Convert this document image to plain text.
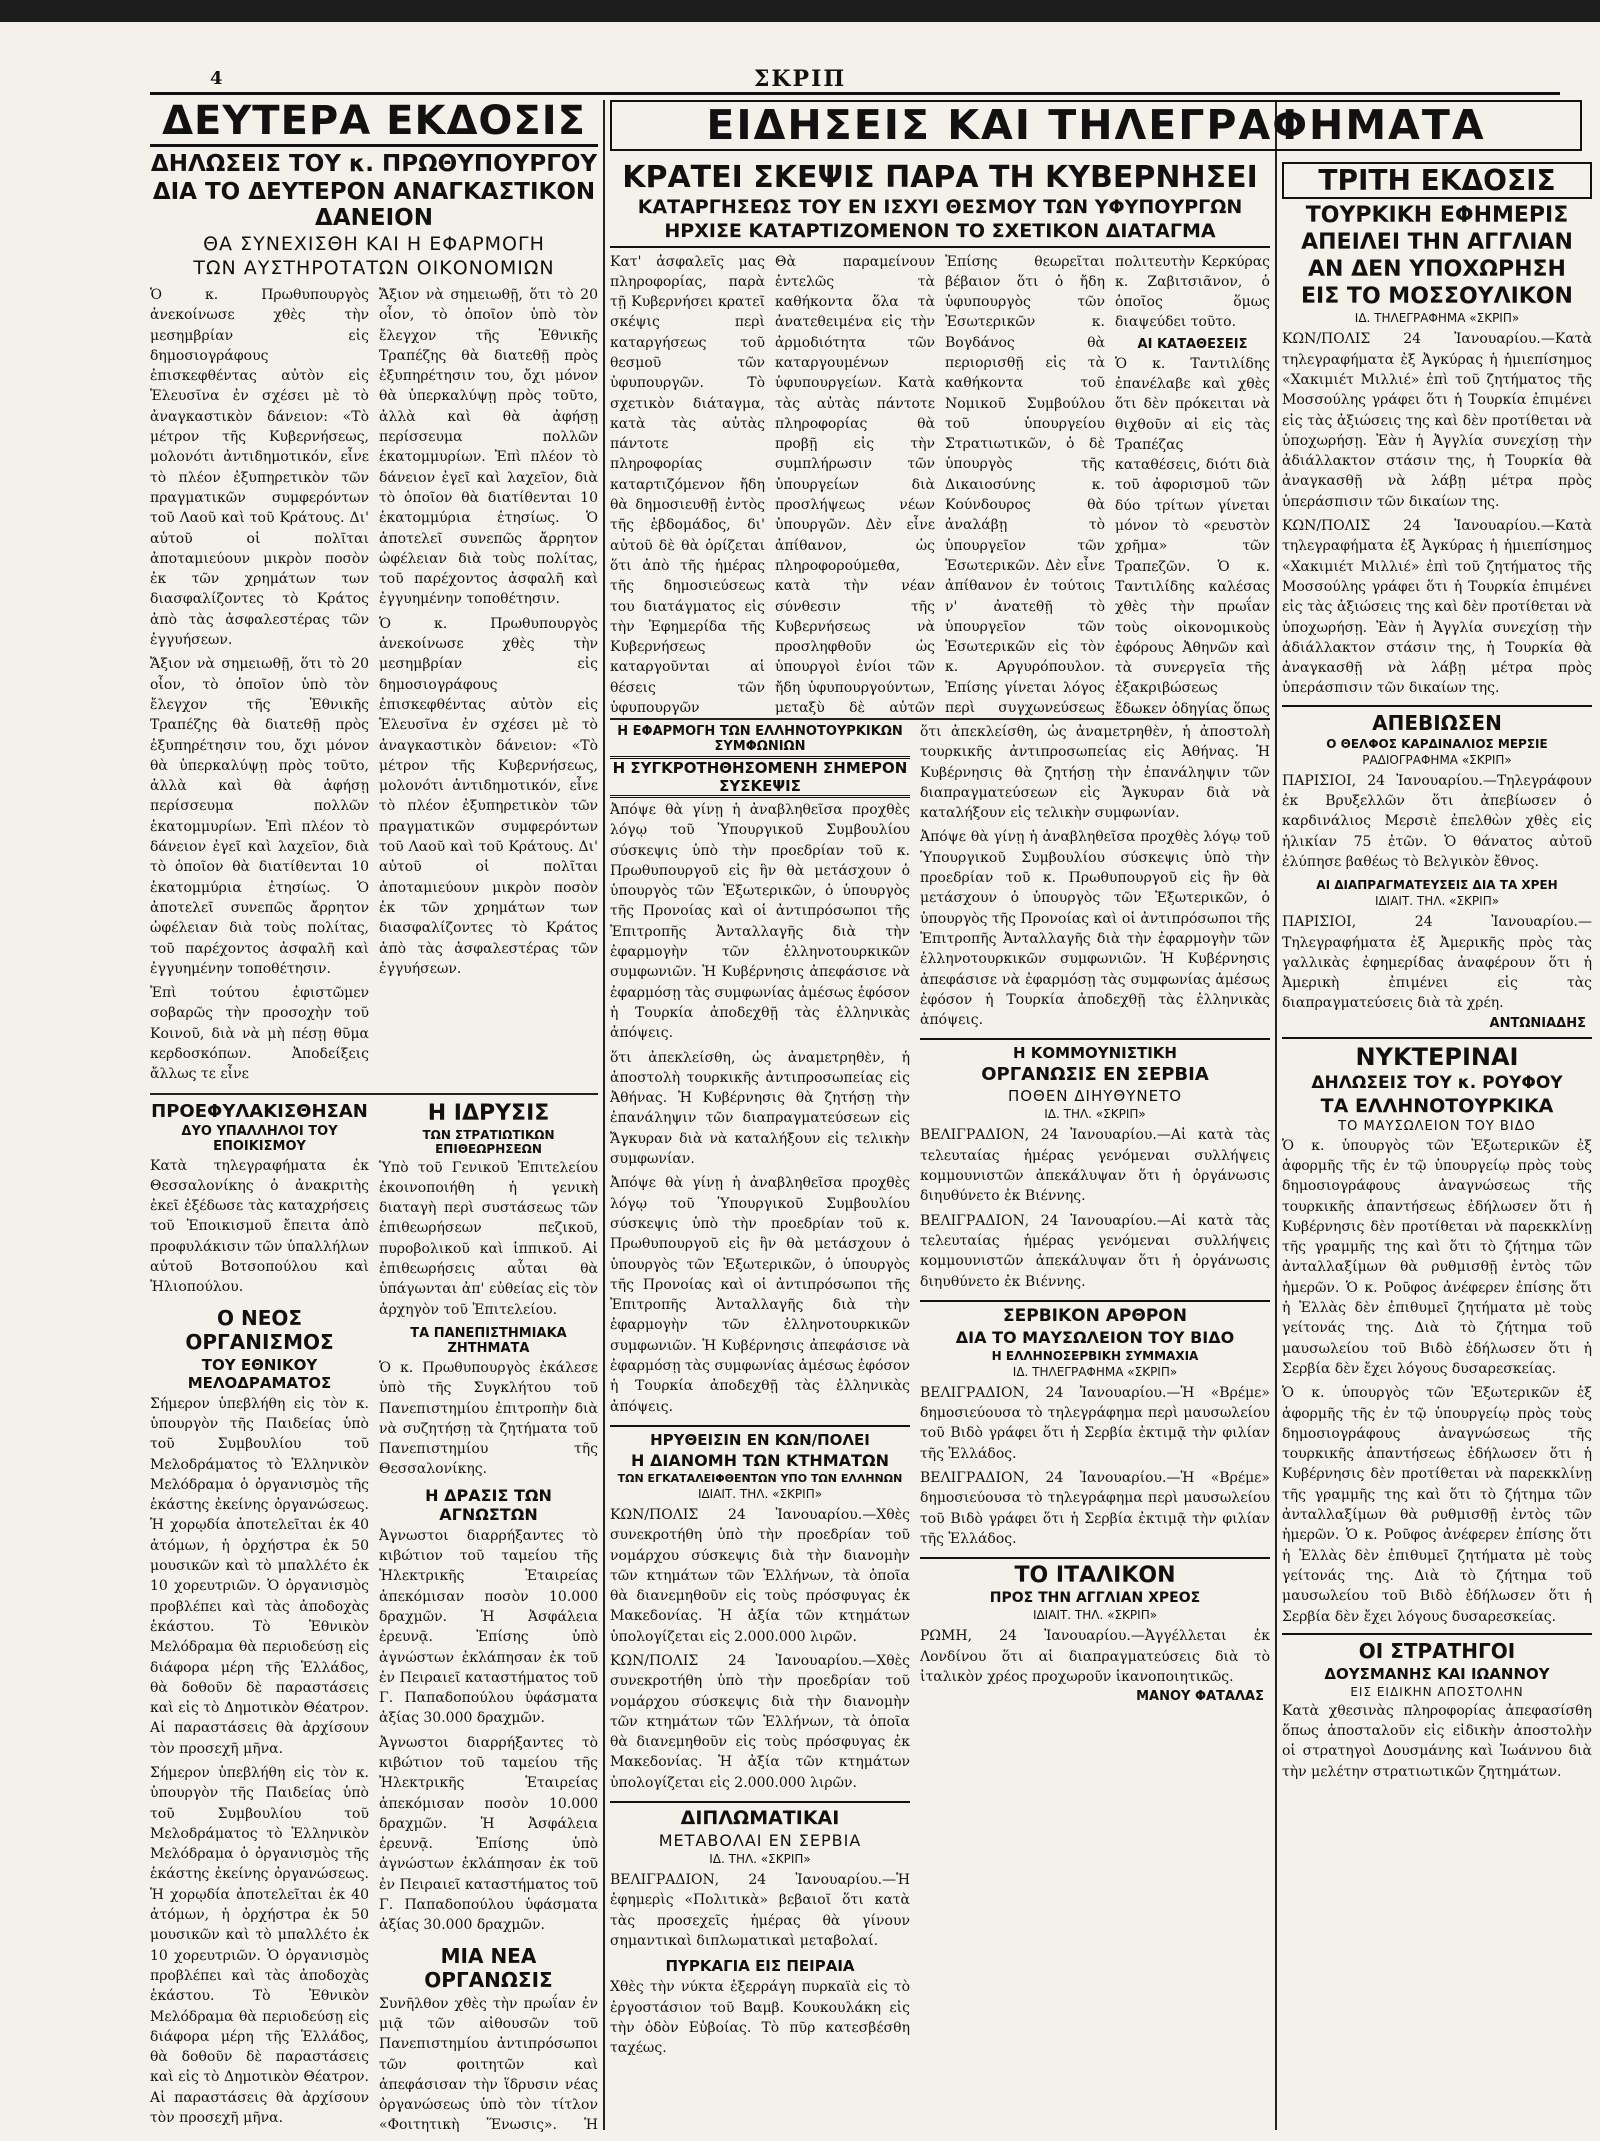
4	ΣΚΡΙΠ
ΔΕΥΤΕΡΑ ΕΚΔΟΣΙΣ

ΔΗΛΩΣΕΙΣ ΤΟΥ κ. ΠΡΩΘΥΠΟΥΡΓΟΥ

ΔΙΑ ΤΟ ΔΕΥΤΕΡΟΝ ΑΝΑΓΚΑΣΤΙΚΟΝ ΔΑΝΕΙΟΝ

ΘΑ ΣΥΝΕΧΙΣΘΗ ΚΑΙ Η ΕΦΑΡΜΟΓΗ

ΤΩΝ ΑΥΣΤΗΡΟΤΑΤΩΝ ΟΙΚΟΝΟΜΙΩΝ

Ὁ κ. Πρωθυπουργὸς ἀνεκοίνωσε χθὲς τὴν μεσημβρίαν εἰς δημοσιογράφους ἐπισκεφθέντας αὐτὸν εἰς Ἑλευσῖνα ἐν σχέσει μὲ τὸ ἀναγκαστικὸν δάνειον: «Τὸ μέτρον τῆς Κυβερνήσεως, μολονότι ἀντιδημοτικόν, εἶνε τὸ πλέον ἐξυπηρετικὸν τῶν πραγματικῶν συμφερόντων τοῦ Λαοῦ καὶ τοῦ Κράτους. Δι' αὐτοῦ οἱ πολῖται ἀποταμιεύουν μικρὸν ποσὸν ἐκ τῶν χρημάτων των διασφαλίζοντες τὸ Κράτος ἀπὸ τὰς ἀσφαλεστέρας τῶν ἐγγυήσεων.

Ἄξιον νὰ σημειωθῇ, ὅτι τὸ 20 οἶον, τὸ ὁποῖον ὑπὸ τὸν ἔλεγχον τῆς Ἐθνικῆς Τραπέζης θὰ διατεθῇ πρὸς ἐξυπηρέτησιν του, ὄχι μόνον θὰ ὑπερκαλύψῃ πρὸς τοῦτο, ἀλλὰ καὶ θὰ ἀφήσῃ περίσσευμα πολλῶν ἑκατομμυρίων. Ἐπὶ πλέον τὸ δάνειον ἐγεῖ καὶ λαχεῖον, διὰ τὸ ὁποῖον θὰ διατίθενται 10 ἑκατομμύρια ἐτησίως. Ὁ ἀποτελεῖ συνεπῶς ἄρρητον ὠφέλειαν διὰ τοὺς πολίτας, τοῦ παρέχοντος ἀσφαλῆ καὶ ἐγγυημένην τοποθέτησιν.

Ἐπὶ τούτου ἐφιστῶμεν σοβαρῶς τὴν προσοχὴν τοῦ Κοινοῦ, διὰ νὰ μὴ πέσῃ θῦμα κερδοσκόπων. Ἀποδείξεις ἄλλως τε εἶνε

Ἄξιον νὰ σημειωθῇ, ὅτι τὸ 20 οἶον, τὸ ὁποῖον ὑπὸ τὸν ἔλεγχον τῆς Ἐθνικῆς Τραπέζης θὰ διατεθῇ πρὸς ἐξυπηρέτησιν του, ὄχι μόνον θὰ ὑπερκαλύψῃ πρὸς τοῦτο, ἀλλὰ καὶ θὰ ἀφήσῃ περίσσευμα πολλῶν ἑκατομμυρίων. Ἐπὶ πλέον τὸ δάνειον ἐγεῖ καὶ λαχεῖον, διὰ τὸ ὁποῖον θὰ διατίθενται 10 ἑκατομμύρια ἐτησίως. Ὁ ἀποτελεῖ συνεπῶς ἄρρητον ὠφέλειαν διὰ τοὺς πολίτας, τοῦ παρέχοντος ἀσφαλῆ καὶ ἐγγυημένην τοποθέτησιν.

Ὁ κ. Πρωθυπουργὸς ἀνεκοίνωσε χθὲς τὴν μεσημβρίαν εἰς δημοσιογράφους ἐπισκεφθέντας αὐτὸν εἰς Ἑλευσῖνα ἐν σχέσει μὲ τὸ ἀναγκαστικὸν δάνειον: «Τὸ μέτρον τῆς Κυβερνήσεως, μολονότι ἀντιδημοτικόν, εἶνε τὸ πλέον ἐξυπηρετικὸν τῶν πραγματικῶν συμφερόντων τοῦ Λαοῦ καὶ τοῦ Κράτους. Δι' αὐτοῦ οἱ πολῖται ἀποταμιεύουν μικρὸν ποσὸν ἐκ τῶν χρημάτων των διασφαλίζοντες τὸ Κράτος ἀπὸ τὰς ἀσφαλεστέρας τῶν ἐγγυήσεων.

ΠΡΟΕΦΥΛΑΚΙΣΘΗΣΑΝ

ΔΥΟ ΥΠΑΛΛΗΛΟΙ ΤΟΥ ΕΠΟΙΚΙΣΜΟΥ

Κατὰ τηλεγραφήματα ἐκ Θεσσαλονίκης ὁ ἀνακριτὴς ἐκεῖ ἐξέδωσε τὰς καταχρήσεις τοῦ Ἐποικισμοῦ ἔπειτα ἀπὸ προφυλάκισιν τῶν ὑπαλλήλων αὐτοῦ Βοτσοπούλου καὶ Ἠλιοπούλου.

Ο ΝΕΟΣ ΟΡΓΑΝΙΣΜΟΣ

ΤΟΥ ΕΘΝΙΚΟΥ ΜΕΛΟΔΡΑΜΑΤΟΣ

Σήμερον ὑπεβλήθη εἰς τὸν κ. ὑπουργὸν τῆς Παιδείας ὑπὸ τοῦ Συμβουλίου τοῦ Μελοδράματος τὸ Ἑλληνικὸν Μελόδραμα ὁ ὀργανισμὸς τῆς ἑκάστης ἐκείνης ὀργανώσεως. Ἡ χορῳδία ἀποτελεῖται ἐκ 40 ἀτόμων, ἡ ὀρχήστρα ἐκ 50 μουσικῶν καὶ τὸ μπαλλέτο ἐκ 10 χορευτριῶν. Ὁ ὀργανισμὸς προβλέπει καὶ τὰς ἀποδοχὰς ἑκάστου. Τὸ Ἐθνικὸν Μελόδραμα θὰ περιοδεύσῃ εἰς διάφορα μέρη τῆς Ἑλλάδος, θὰ δοθοῦν δὲ παραστάσεις καὶ εἰς τὸ Δημοτικὸν Θέατρον. Αἱ παραστάσεις θὰ ἀρχίσουν τὸν προσεχῆ μῆνα.

Σήμερον ὑπεβλήθη εἰς τὸν κ. ὑπουργὸν τῆς Παιδείας ὑπὸ τοῦ Συμβουλίου τοῦ Μελοδράματος τὸ Ἑλληνικὸν Μελόδραμα ὁ ὀργανισμὸς τῆς ἑκάστης ἐκείνης ὀργανώσεως. Ἡ χορῳδία ἀποτελεῖται ἐκ 40 ἀτόμων, ἡ ὀρχήστρα ἐκ 50 μουσικῶν καὶ τὸ μπαλλέτο ἐκ 10 χορευτριῶν. Ὁ ὀργανισμὸς προβλέπει καὶ τὰς ἀποδοχὰς ἑκάστου. Τὸ Ἐθνικὸν Μελόδραμα θὰ περιοδεύσῃ εἰς διάφορα μέρη τῆς Ἑλλάδος, θὰ δοθοῦν δὲ παραστάσεις καὶ εἰς τὸ Δημοτικὸν Θέατρον. Αἱ παραστάσεις θὰ ἀρχίσουν τὸν προσεχῆ μῆνα.

Η ΙΔΡΥΣΙΣ

ΤΩΝ ΣΤΡΑΤΙΩΤΙΚΩΝ ΕΠΙΘΕΩΡΗΣΕΩΝ

Ὑπὸ τοῦ Γενικοῦ Ἐπιτελείου ἐκοινοποιήθη ἡ γενικὴ διαταγὴ περὶ συστάσεως τῶν ἐπιθεωρήσεων πεζικοῦ, πυροβολικοῦ καὶ ἱππικοῦ. Αἱ ἐπιθεωρήσεις αὗται θὰ ὑπάγωνται ἀπ' εὐθείας εἰς τὸν ἀρχηγὸν τοῦ Ἐπιτελείου.

ΤΑ ΠΑΝΕΠΙΣΤΗΜΙΑΚΑ ΖΗΤΗΜΑΤΑ

Ὁ κ. Πρωθυπουργὸς ἐκάλεσε ὑπὸ τῆς Συγκλήτου τοῦ Πανεπιστημίου ἐπιτροπὴν διὰ νὰ συζητήσῃ τὰ ζητήματα τοῦ Πανεπιστημίου τῆς Θεσσαλονίκης.

Η ΔΡΑΣΙΣ ΤΩΝ ΑΓΝΩΣΤΩΝ

Ἀγνωστοι διαρρήξαντες τὸ κιβώτιον τοῦ ταμείου τῆς Ἠλεκτρικῆς Ἑταιρείας ἀπεκόμισαν ποσὸν 10.000 δραχμῶν. Ἡ Ἀσφάλεια ἐρευνᾷ. Ἐπίσης ὑπὸ ἀγνώστων ἐκλάπησαν ἐκ τοῦ ἐν Πειραιεῖ καταστήματος τοῦ Γ. Παπαδοπούλου ὑφάσματα ἀξίας 30.000 δραχμῶν.

Ἀγνωστοι διαρρήξαντες τὸ κιβώτιον τοῦ ταμείου τῆς Ἠλεκτρικῆς Ἑταιρείας ἀπεκόμισαν ποσὸν 10.000 δραχμῶν. Ἡ Ἀσφάλεια ἐρευνᾷ. Ἐπίσης ὑπὸ ἀγνώστων ἐκλάπησαν ἐκ τοῦ ἐν Πειραιεῖ καταστήματος τοῦ Γ. Παπαδοπούλου ὑφάσματα ἀξίας 30.000 δραχμῶν.

ΜΙΑ ΝΕΑ ΟΡΓΑΝΩΣΙΣ

Συνῆλθον χθὲς τὴν πρωΐαν ἐν μιᾷ τῶν αἰθουσῶν τοῦ Πανεπιστημίου ἀντιπρόσωποι τῶν φοιτητῶν καὶ ἀπεφάσισαν τὴν ἵδρυσιν νέας ὀργανώσεως ὑπὸ τὸν τίτλον «Φοιτητικὴ Ἕνωσις». Ἡ

ΕΙΔΗΣΕΙΣ ΚΑΙ ΤΗΛΕΓΡΑΦΗΜΑΤΑ
ΚΡΑΤΕΙ ΣΚΕΨΙΣ ΠΑΡΑ ΤΗ ΚΥΒΕΡΝΗΣΕΙ

ΚΑΤΑΡΓΗΣΕΩΣ ΤΟΥ ΕΝ ΙΣΧΥΙ ΘΕΣΜΟΥ ΤΩΝ ΥΦΥΠΟΥΡΓΩΝ

ΗΡΧΙΣΕ ΚΑΤΑΡΤΙΖΟΜΕΝΟΝ ΤΟ ΣΧΕΤΙΚΟΝ ΔΙΑΤΑΓΜΑ

Κατ' ἀσφαλεῖς μας πληροφορίας, παρὰ τῇ Κυβερνήσει κρατεῖ σκέψις περὶ καταργήσεως τοῦ θεσμοῦ τῶν ὑφυπουργῶν. Τὸ σχετικὸν διάταγμα, κατὰ τὰς αὐτὰς πάντοτε πληροφορίας καταρτιζόμενον ἤδη θὰ δημοσιευθῇ ἐντὸς τῆς ἑβδομάδος, δι' αὐτοῦ δὲ θὰ ὁρίζεται ὅτι ἀπὸ τῆς ἡμέρας τῆς δημοσιεύσεως του διατάγματος εἰς τὴν Ἐφημερίδα τῆς Κυβερνήσεως καταργοῦνται αἱ θέσεις τῶν ὑφυπουργῶν

Θὰ παραμείνουν ἐντελῶς τὰ καθήκοντα ὅλα τὰ ἀνατεθειμένα εἰς τὴν ἀρμοδιότητα τῶν καταργουμένων ὑφυπουργείων. Κατὰ τὰς αὐτὰς πάντοτε πληροφορίας θὰ προβῇ εἰς τὴν συμπλήρωσιν τῶν ὑπουργείων διὰ προσλήψεως νέων ὑπουργῶν. Δὲν εἶνε ἀπίθανον, ὡς πληροφορούμεθα, κατὰ τὴν νέαν σύνθεσιν τῆς Κυβερνήσεως νὰ προσληφθοῦν ὡς ὑπουργοὶ ἐνίοι τῶν ἤδη ὑφυπουργούντων, μεταξὺ δὲ αὐτῶν

Ἐπίσης θεωρεῖται βέβαιον ὅτι ὁ ἤδη ὑφυπουργὸς τῶν Ἐσωτερικῶν κ. Βογδάνος θὰ περιορισθῇ εἰς τὰ καθήκοντα τοῦ Νομικοῦ Συμβούλου τοῦ ὑπουργείου Στρατιωτικῶν, ὁ δὲ ὑπουργὸς τῆς Δικαιοσύνης κ. Κούνδουρος θὰ ἀναλάβῃ τὸ ὑπουργεῖον τῶν Ἐσωτερικῶν. Δὲν εἶνε ἀπίθανον ἐν τούτοις ν' ἀνατεθῇ τὸ ὑπουργεῖον τῶν Ἐσωτερικῶν εἰς τὸν κ. Αργυρόπουλον. Ἐπίσης γίνεται λόγος περὶ συγχωνεύσεως

πολιτευτὴν Κερκύρας κ. Ζαβιτσιᾶνον, ὁ ὁποῖος ὅμως διαψεύδει τοῦτο.

ΑΙ ΚΑΤΑΘΕΣΕΙΣ

Ὁ κ. Ταντιλίδης ἐπανέλαβε καὶ χθὲς ὅτι δὲν πρόκειται νὰ θιχθοῦν αἱ εἰς τὰς Τραπέζας καταθέσεις, διότι διὰ τοῦ ἀφορισμοῦ τῶν δύο τρίτων γίνεται μόνον τὸ «ρευστὸν χρῆμα» τῶν Τραπεζῶν. Ὁ κ. Ταντιλίδης καλέσας χθὲς τὴν πρωΐαν τοὺς οἰκονομικοὺς ἐφόρους Ἀθηνῶν καὶ τὰ συνεργεῖα τῆς ἐξακριβώσεως ἔδωκεν ὁδηγίας ὅπως

Η ΕΦΑΡΜΟΓΗ ΤΩΝ ΕΛΛΗΝΟΤΟΥΡΚΙΚΩΝ ΣΥΜΦΩΝΙΩΝ

Η ΣΥΓΚΡΟΤΗΘΗΣΟΜΕΝΗ ΣΗΜΕΡΟΝ ΣΥΣΚΕΨΙΣ

Ἀπόψε θὰ γίνῃ ἡ ἀναβληθεῖσα προχθὲς λόγῳ τοῦ Ὑπουργικοῦ Συμβουλίου σύσκεψις ὑπὸ τὴν προεδρίαν τοῦ κ. Πρωθυπουργοῦ εἰς ἣν θὰ μετάσχουν ὁ ὑπουργὸς τῶν Ἐξωτερικῶν, ὁ ὑπουργὸς τῆς Προνοίας καὶ οἱ ἀντιπρόσωποι τῆς Ἐπιτροπῆς Ἀνταλλαγῆς διὰ τὴν ἐφαρμογὴν τῶν ἑλληνοτουρκικῶν συμφωνιῶν. Ἡ Κυβέρνησις ἀπεφάσισε νὰ ἐφαρμόσῃ τὰς συμφωνίας ἀμέσως ἐφόσον ἡ Τουρκία ἀποδεχθῇ τὰς ἑλληνικὰς ἀπόψεις.

ὅτι ἀπεκλείσθη, ὡς ἀναμετρηθὲν, ἡ ἀποστολὴ τουρκικῆς ἀντιπροσωπείας εἰς Ἀθήνας. Ἡ Κυβέρνησις θὰ ζητήσῃ τὴν ἐπανάληψιν τῶν διαπραγματεύσεων εἰς Ἄγκυραν διὰ νὰ καταλήξουν εἰς τελικὴν συμφωνίαν.

Ἀπόψε θὰ γίνῃ ἡ ἀναβληθεῖσα προχθὲς λόγῳ τοῦ Ὑπουργικοῦ Συμβουλίου σύσκεψις ὑπὸ τὴν προεδρίαν τοῦ κ. Πρωθυπουργοῦ εἰς ἣν θὰ μετάσχουν ὁ ὑπουργὸς τῶν Ἐξωτερικῶν, ὁ ὑπουργὸς τῆς Προνοίας καὶ οἱ ἀντιπρόσωποι τῆς Ἐπιτροπῆς Ἀνταλλαγῆς διὰ τὴν ἐφαρμογὴν τῶν ἑλληνοτουρκικῶν συμφωνιῶν. Ἡ Κυβέρνησις ἀπεφάσισε νὰ ἐφαρμόσῃ τὰς συμφωνίας ἀμέσως ἐφόσον ἡ Τουρκία ἀποδεχθῇ τὰς ἑλληνικὰς ἀπόψεις.

ΗΡΥΘΕΙΣΙΝ ΕΝ ΚΩΝ/ΠΟΛΕΙ

Η ΔΙΑΝΟΜΗ ΤΩΝ ΚΤΗΜΑΤΩΝ

ΤΩΝ ΕΓΚΑΤΑΛΕΙΦΘΕΝΤΩΝ ΥΠΟ ΤΩΝ ΕΛΛΗΝΩΝ

ΙΔΙΑΙΤ. ΤΗΛ. «ΣΚΡΙΠ»

ΚΩΝ/ΠΟΛΙΣ 24 Ἰανουαρίου.—Χθὲς συνεκροτήθη ὑπὸ τὴν προεδρίαν τοῦ νομάρχου σύσκεψις διὰ τὴν διανομὴν τῶν κτημάτων τῶν Ἑλλήνων, τὰ ὁποῖα θὰ διανεμηθοῦν εἰς τοὺς πρόσφυγας ἐκ Μακεδονίας. Ἡ ἀξία τῶν κτημάτων ὑπολογίζεται εἰς 2.000.000 λιρῶν.

ΚΩΝ/ΠΟΛΙΣ 24 Ἰανουαρίου.—Χθὲς συνεκροτήθη ὑπὸ τὴν προεδρίαν τοῦ νομάρχου σύσκεψις διὰ τὴν διανομὴν τῶν κτημάτων τῶν Ἑλλήνων, τὰ ὁποῖα θὰ διανεμηθοῦν εἰς τοὺς πρόσφυγας ἐκ Μακεδονίας. Ἡ ἀξία τῶν κτημάτων ὑπολογίζεται εἰς 2.000.000 λιρῶν.

ΔΙΠΛΩΜΑΤΙΚΑΙ

ΜΕΤΑΒΟΛΑΙ ΕΝ ΣΕΡΒΙΑ

ΙΔ. ΤΗΛ. «ΣΚΡΙΠ»

ΒΕΛΙΓΡΑΔΙΟΝ, 24 Ἰανουαρίου.—Ἡ ἐφημερὶς «Πολιτικὰ» βεβαιοῖ ὅτι κατὰ τὰς προσεχεῖς ἡμέρας θὰ γίνουν σημαντικαὶ διπλωματικαὶ μεταβολαί.

ΠΥΡΚΑΓΙΑ ΕΙΣ ΠΕΙΡΑΙΑ

Χθὲς τὴν νύκτα ἐξερράγη πυρκαϊὰ εἰς τὸ ἐργοστάσιον τοῦ Βαμβ. Κουκουλάκη εἰς τὴν ὁδὸν Εὐβοίας. Τὸ πῦρ κατεσβέσθη ταχέως.

ὅτι ἀπεκλείσθη, ὡς ἀναμετρηθὲν, ἡ ἀποστολὴ τουρκικῆς ἀντιπροσωπείας εἰς Ἀθήνας. Ἡ Κυβέρνησις θὰ ζητήσῃ τὴν ἐπανάληψιν τῶν διαπραγματεύσεων εἰς Ἄγκυραν διὰ νὰ καταλήξουν εἰς τελικὴν συμφωνίαν.

Ἀπόψε θὰ γίνῃ ἡ ἀναβληθεῖσα προχθὲς λόγῳ τοῦ Ὑπουργικοῦ Συμβουλίου σύσκεψις ὑπὸ τὴν προεδρίαν τοῦ κ. Πρωθυπουργοῦ εἰς ἣν θὰ μετάσχουν ὁ ὑπουργὸς τῶν Ἐξωτερικῶν, ὁ ὑπουργὸς τῆς Προνοίας καὶ οἱ ἀντιπρόσωποι τῆς Ἐπιτροπῆς Ἀνταλλαγῆς διὰ τὴν ἐφαρμογὴν τῶν ἑλληνοτουρκικῶν συμφωνιῶν. Ἡ Κυβέρνησις ἀπεφάσισε νὰ ἐφαρμόσῃ τὰς συμφωνίας ἀμέσως ἐφόσον ἡ Τουρκία ἀποδεχθῇ τὰς ἑλληνικὰς ἀπόψεις.

Η ΚΟΜΜΟΥΝΙΣΤΙΚΗ

ΟΡΓΑΝΩΣΙΣ ΕΝ ΣΕΡΒΙΑ

ΠΟΘΕΝ ΔΙΗΥΘΥΝΕΤΟ

ΙΔ. ΤΗΛ. «ΣΚΡΙΠ»

ΒΕΛΙΓΡΑΔΙΟΝ, 24 Ἰανουαρίου.—Αἱ κατὰ τὰς τελευταίας ἡμέρας γενόμεναι συλλήψεις κομμουνιστῶν ἀπεκάλυψαν ὅτι ἡ ὀργάνωσις διηυθύνετο ἐκ Βιέννης.

ΒΕΛΙΓΡΑΔΙΟΝ, 24 Ἰανουαρίου.—Αἱ κατὰ τὰς τελευταίας ἡμέρας γενόμεναι συλλήψεις κομμουνιστῶν ἀπεκάλυψαν ὅτι ἡ ὀργάνωσις διηυθύνετο ἐκ Βιέννης.

ΣΕΡΒΙΚΟΝ ΑΡΘΡΟΝ

ΔΙΑ ΤΟ ΜΑΥΣΩΛΕΙΟΝ ΤΟΥ ΒΙΔΟ

Η ΕΛΛΗΝΟΣΕΡΒΙΚΗ ΣΥΜΜΑΧΙΑ

ΙΔ. ΤΗΛΕΓΡΑΦΗΜΑ «ΣΚΡΙΠ»

ΒΕΛΙΓΡΑΔΙΟΝ, 24 Ἰανουαρίου.—Ἡ «Βρέμε» δημοσιεύουσα τὸ τηλεγράφημα περὶ μαυσωλείου τοῦ Βιδὸ γράφει ὅτι ἡ Σερβία ἐκτιμᾷ τὴν φιλίαν τῆς Ἑλλάδος.

ΒΕΛΙΓΡΑΔΙΟΝ, 24 Ἰανουαρίου.—Ἡ «Βρέμε» δημοσιεύουσα τὸ τηλεγράφημα περὶ μαυσωλείου τοῦ Βιδὸ γράφει ὅτι ἡ Σερβία ἐκτιμᾷ τὴν φιλίαν τῆς Ἑλλάδος.

ΤΟ ΙΤΑΛΙΚΟΝ

ΠΡΟΣ ΤΗΝ ΑΓΓΛΙΑΝ ΧΡΕΟΣ

ΙΔΙΑΙΤ. ΤΗΛ. «ΣΚΡΙΠ»

ΡΩΜΗ, 24 Ἰανουαρίου.—Ἀγγέλλεται ἐκ Λονδίνου ὅτι αἱ διαπραγματεύσεις διὰ τὸ ἰταλικὸν χρέος προχωροῦν ἱκανοποιητικῶς.

ΜΑΝΟΥ ΦΑΤΑΛΑΣ

ΤΡΙΤΗ ΕΚΔΟΣΙΣ

ΤΟΥΡΚΙΚΗ ΕΦΗΜΕΡΙΣ

ΑΠΕΙΛΕΙ ΤΗΝ ΑΓΓΛΙΑΝ

ΑΝ ΔΕΝ ΥΠΟΧΩΡΗΣΗ

ΕΙΣ ΤΟ ΜΟΣΣΟΥΛΙΚΟΝ

ΙΔ. ΤΗΛΕΓΡΑΦΗΜΑ «ΣΚΡΙΠ»

ΚΩΝ/ΠΟΛΙΣ 24 Ἰανουαρίου.—Κατὰ τηλεγραφήματα ἐξ Ἀγκύρας ἡ ἡμιεπίσημος «Χακιμιέτ Μιλλιέ» ἐπὶ τοῦ ζητήματος τῆς Μοσσούλης γράφει ὅτι ἡ Τουρκία ἐπιμένει εἰς τὰς ἀξιώσεις της καὶ δὲν προτίθεται νὰ ὑποχωρήσῃ. Ἐὰν ἡ Ἀγγλία συνεχίσῃ τὴν ἀδιάλλακτον στάσιν της, ἡ Τουρκία θὰ ἀναγκασθῇ νὰ λάβῃ μέτρα πρὸς ὑπεράσπισιν τῶν δικαίων της.

ΚΩΝ/ΠΟΛΙΣ 24 Ἰανουαρίου.—Κατὰ τηλεγραφήματα ἐξ Ἀγκύρας ἡ ἡμιεπίσημος «Χακιμιέτ Μιλλιέ» ἐπὶ τοῦ ζητήματος τῆς Μοσσούλης γράφει ὅτι ἡ Τουρκία ἐπιμένει εἰς τὰς ἀξιώσεις της καὶ δὲν προτίθεται νὰ ὑποχωρήσῃ. Ἐὰν ἡ Ἀγγλία συνεχίσῃ τὴν ἀδιάλλακτον στάσιν της, ἡ Τουρκία θὰ ἀναγκασθῇ νὰ λάβῃ μέτρα πρὸς ὑπεράσπισιν τῶν δικαίων της.

ΑΠΕΒΙΩΣΕΝ

Ο ΘΕΛΦΟΣ ΚΑΡΔΙΝΑΛΙΟΣ ΜΕΡΣΙΕ

ΡΑΔΙΟΓΡΑΦΗΜΑ «ΣΚΡΙΠ»

ΠΑΡΙΣΙΟΙ, 24 Ἰανουαρίου.—Τηλεγράφουν ἐκ Βρυξελλῶν ὅτι ἀπεβίωσεν ὁ καρδινάλιος Μερσιὲ ἐπελθὼν χθὲς εἰς ἡλικίαν 75 ἐτῶν. Ὁ θάνατος αὐτοῦ ἐλύπησε βαθέως τὸ Βελγικὸν ἔθνος.

ΑΙ ΔΙΑΠΡΑΓΜΑΤΕΥΣΕΙΣ ΔΙΑ ΤΑ ΧΡΕΗ

ΙΔΙΑΙΤ. ΤΗΛ. «ΣΚΡΙΠ»

ΠΑΡΙΣΙΟΙ, 24 Ἰανουαρίου.—Τηλεγραφήματα ἐξ Ἀμερικῆς πρὸς τὰς γαλλικὰς ἐφημερίδας ἀναφέρουν ὅτι ἡ Ἀμερικὴ ἐπιμένει εἰς τὰς διαπραγματεύσεις διὰ τὰ χρέη.

ΑΝΤΩΝΙΑΔΗΣ

ΝΥΚΤΕΡΙΝΑΙ

ΔΗΛΩΣΕΙΣ ΤΟΥ κ. ΡΟΥΦΟΥ

ΤΑ ΕΛΛΗΝΟΤΟΥΡΚΙΚΑ

ΤΟ ΜΑΥΣΩΛΕΙΟΝ ΤΟΥ ΒΙΔΟ

Ὁ κ. ὑπουργὸς τῶν Ἐξωτερικῶν ἐξ ἀφορμῆς τῆς ἐν τῷ ὑπουργείῳ πρὸς τοὺς δημοσιογράφους ἀναγνώσεως τῆς τουρκικῆς ἀπαντήσεως ἐδήλωσεν ὅτι ἡ Κυβέρνησις δὲν προτίθεται νὰ παρεκκλίνῃ τῆς γραμμῆς της καὶ ὅτι τὸ ζήτημα τῶν ἀνταλλαξίμων θὰ ρυθμισθῇ ἐντὸς τῶν ἡμερῶν. Ὁ κ. Ροῦφος ἀνέφερεν ἐπίσης ὅτι ἡ Ἑλλὰς δὲν ἐπιθυμεῖ ζητήματα μὲ τοὺς γείτονάς της. Διὰ τὸ ζήτημα τοῦ μαυσωλείου τοῦ Βιδὸ ἐδήλωσεν ὅτι ἡ Σερβία δὲν ἔχει λόγους δυσαρεσκείας.

Ὁ κ. ὑπουργὸς τῶν Ἐξωτερικῶν ἐξ ἀφορμῆς τῆς ἐν τῷ ὑπουργείῳ πρὸς τοὺς δημοσιογράφους ἀναγνώσεως τῆς τουρκικῆς ἀπαντήσεως ἐδήλωσεν ὅτι ἡ Κυβέρνησις δὲν προτίθεται νὰ παρεκκλίνῃ τῆς γραμμῆς της καὶ ὅτι τὸ ζήτημα τῶν ἀνταλλαξίμων θὰ ρυθμισθῇ ἐντὸς τῶν ἡμερῶν. Ὁ κ. Ροῦφος ἀνέφερεν ἐπίσης ὅτι ἡ Ἑλλὰς δὲν ἐπιθυμεῖ ζητήματα μὲ τοὺς γείτονάς της. Διὰ τὸ ζήτημα τοῦ μαυσωλείου τοῦ Βιδὸ ἐδήλωσεν ὅτι ἡ Σερβία δὲν ἔχει λόγους δυσαρεσκείας.

ΟΙ ΣΤΡΑΤΗΓΟΙ

ΔΟΥΣΜΑΝΗΣ ΚΑΙ ΙΩΑΝΝΟΥ

ΕΙΣ ΕΙΔΙΚΗΝ ΑΠΟΣΤΟΛΗΝ

Κατὰ χθεσινὰς πληροφορίας ἀπεφασίσθη ὅπως ἀποσταλοῦν εἰς εἰδικὴν ἀποστολὴν οἱ στρατηγοὶ Δουσμάνης καὶ Ἰωάννου διὰ τὴν μελέτην στρατιωτικῶν ζητημάτων.
